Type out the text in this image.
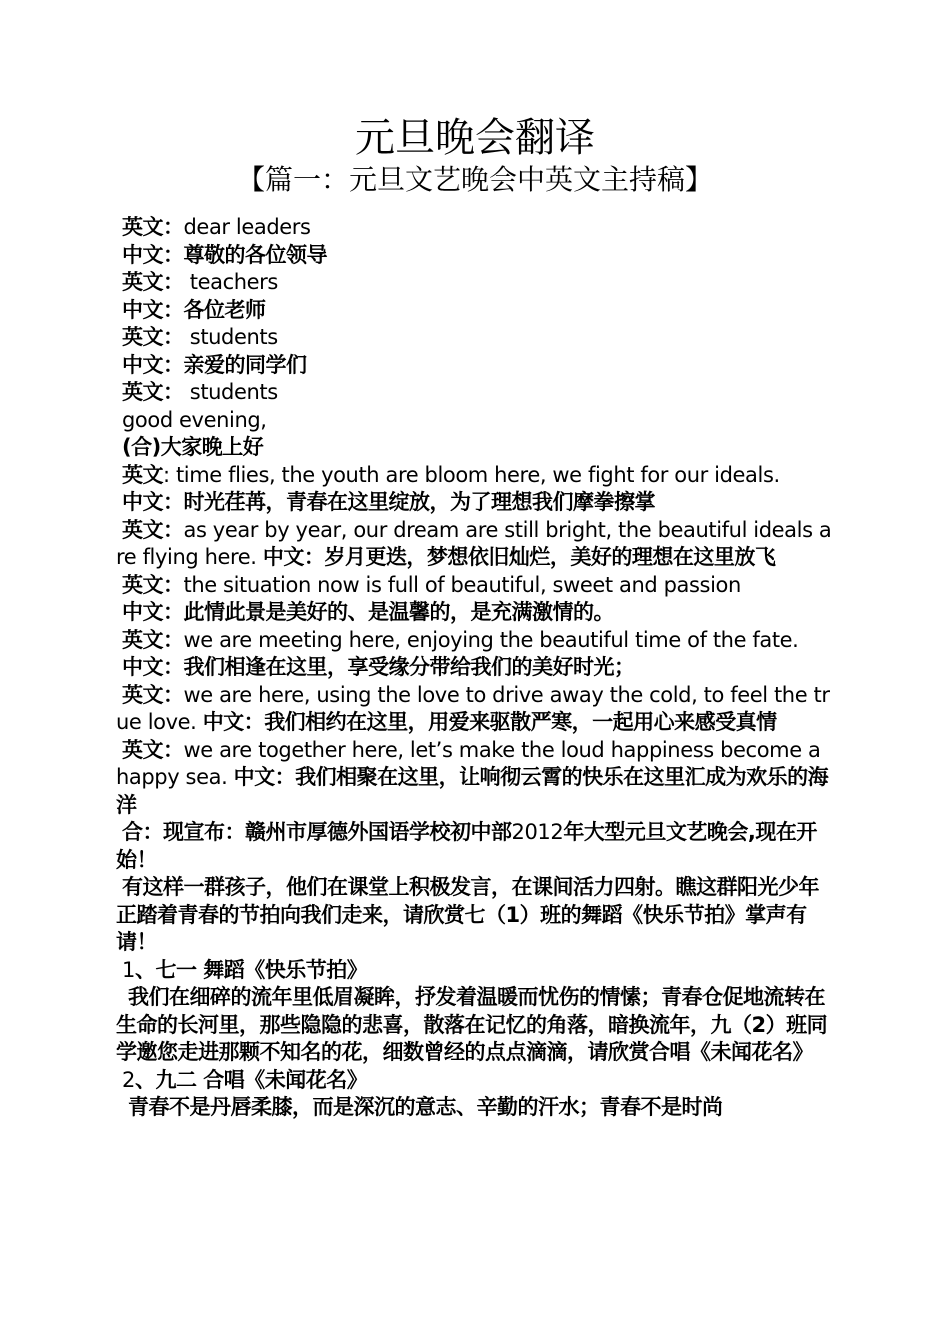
元旦晚会翻译
【篇一：元旦文艺晚会中英文主持稿】

英文：dear leaders

中文：尊敬的各位领导

英文： teachers

中文：各位老师

英文： students

中文：亲爱的同学们

英文： students

good evening,

(合)大家晚上好

英文: time flies, the youth are bloom here, we fight for our ideals.

中文：时光荏苒，青春在这里绽放，为了理想我们摩拳擦掌

英文：as year by year, our dream are still bright, the beautiful ideals are flying here. 中文：岁月更迭，梦想依旧灿烂，美好的理想在这里放飞

英文：the situation now is full of beautiful, sweet and passion

中文：此情此景是美好的、是温馨的，是充满激情的。

英文：we are meeting here, enjoying the beautiful time of the fate.

中文：我们相逢在这里，享受缘分带给我们的美好时光；

英文：we are here, using the love to drive away the cold, to feel the true love. 中文：我们相约在这里，用爱来驱散严寒，一起用心来感受真情

英文：we are together here, let’s make the loud happiness become a happy sea. 中文：我们相聚在这里，让响彻云霄的快乐在这里汇成为欢乐的海洋

合：现宣布：赣州市厚德外国语学校初中部2012年大型元旦文艺晚会,现在开始！

有这样一群孩子，他们在课堂上积极发言，在课间活力四射。瞧这群阳光少年正踏着青春的节拍向我们走来，请欣赏七（1）班的舞蹈《快乐节拍》掌声有请！

1、七一 舞蹈《快乐节拍》

我们在细碎的流年里低眉凝眸，抒发着温暖而忧伤的情愫；青春仓促地流转在生命的长河里，那些隐隐的悲喜，散落在记忆的角落，暗换流年，九（2）班同学邀您走进那颗不知名的花，细数曾经的点点滴滴，请欣赏合唱《未闻花名》

2、九二 合唱《未闻花名》

青春不是丹唇柔膝，而是深沉的意志、辛勤的汗水；青春不是时尚
